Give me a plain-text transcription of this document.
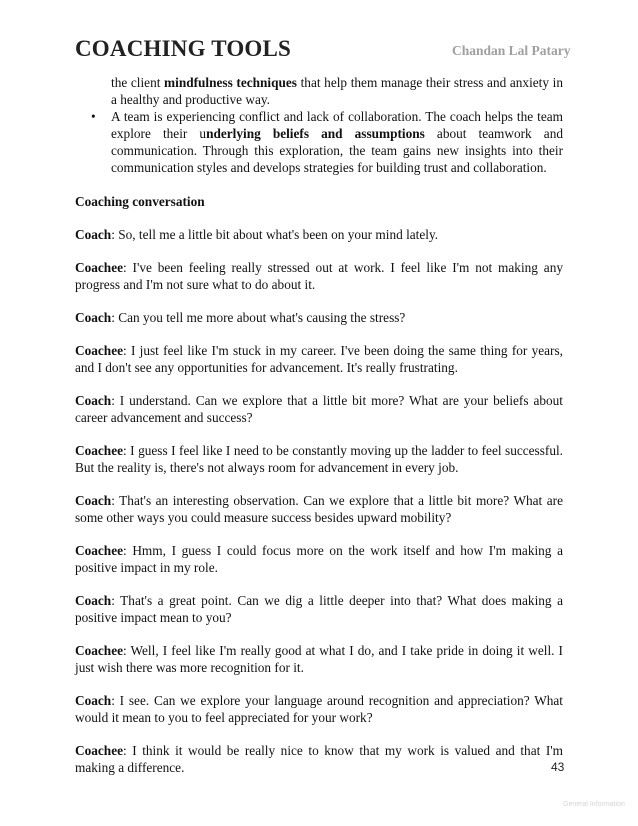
COACHING TOOLS	Chandan Lal Patary

the client mindfulness techniques that help them manage their stress and anxiety in a healthy and productive way.

• A team is experiencing conflict and lack of collaboration. The coach helps the team explore their underlying beliefs and assumptions about teamwork and communication. Through this exploration, the team gains new insights into their communication styles and develops strategies for building trust and collaboration.
Coaching conversation

Coach: So, tell me a little bit about what's been on your mind lately.

Coachee: I've been feeling really stressed out at work. I feel like I'm not making any progress and I'm not sure what to do about it.

Coach: Can you tell me more about what's causing the stress?

Coachee: I just feel like I'm stuck in my career. I've been doing the same thing for years, and I don't see any opportunities for advancement. It's really frustrating.

Coach: I understand. Can we explore that a little bit more? What are your beliefs about career advancement and success?

Coachee: I guess I feel like I need to be constantly moving up the ladder to feel successful. But the reality is, there's not always room for advancement in every job.

Coach: That's an interesting observation. Can we explore that a little bit more? What are some other ways you could measure success besides upward mobility?

Coachee: Hmm, I guess I could focus more on the work itself and how I'm making a positive impact in my role.

Coach: That's a great point. Can we dig a little deeper into that? What does making a positive impact mean to you?

Coachee: Well, I feel like I'm really good at what I do, and I take pride in doing it well. I just wish there was more recognition for it.

Coach: I see. Can we explore your language around recognition and appreciation? What would it mean to you to feel appreciated for your work?

Coachee: I think it would be really nice to know that my work is valued and that I'm making a difference.	43
General Information
